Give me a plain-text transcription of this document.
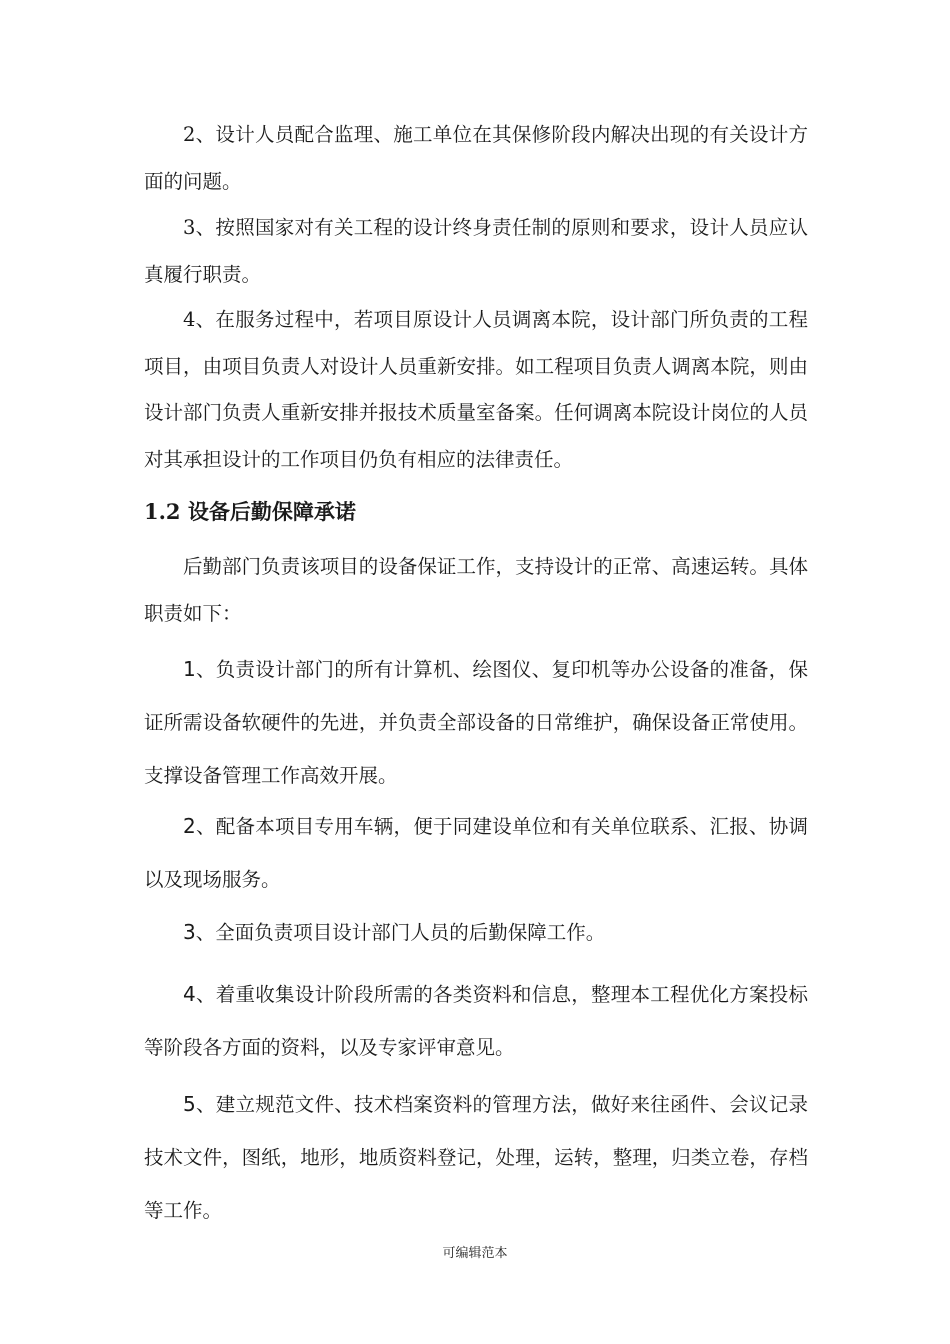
2、设计人员配合监理、施工单位在其保修阶段内解决出现的有关设计方面的问题。

3、按照国家对有关工程的设计终身责任制的原则和要求，设计人员应认真履行职责。

4、在服务过程中，若项目原设计人员调离本院，设计部门所负责的工程项目，由项目负责人对设计人员重新安排。如工程项目负责人调离本院，则由设计部门负责人重新安排并报技术质量室备案。任何调离本院设计岗位的人员对其承担设计的工作项目仍负有相应的法律责任。

1.2 设备后勤保障承诺

后勤部门负责该项目的设备保证工作，支持设计的正常、高速运转。具体职责如下：

1、负责设计部门的所有计算机、绘图仪、复印机等办公设备的准备，保证所需设备软硬件的先进，并负责全部设备的日常维护，确保设备正常使用。支撑设备管理工作高效开展。

2、配备本项目专用车辆，便于同建设单位和有关单位联系、汇报、协调以及现场服务。

3、全面负责项目设计部门人员的后勤保障工作。

4、着重收集设计阶段所需的各类资料和信息，整理本工程优化方案投标等阶段各方面的资料，以及专家评审意见。

5、建立规范文件、技术档案资料的管理方法，做好来往函件、会议记录技术文件，图纸，地形，地质资料登记，处理，运转，整理，归类立卷，存档等工作。

可编辑范本
